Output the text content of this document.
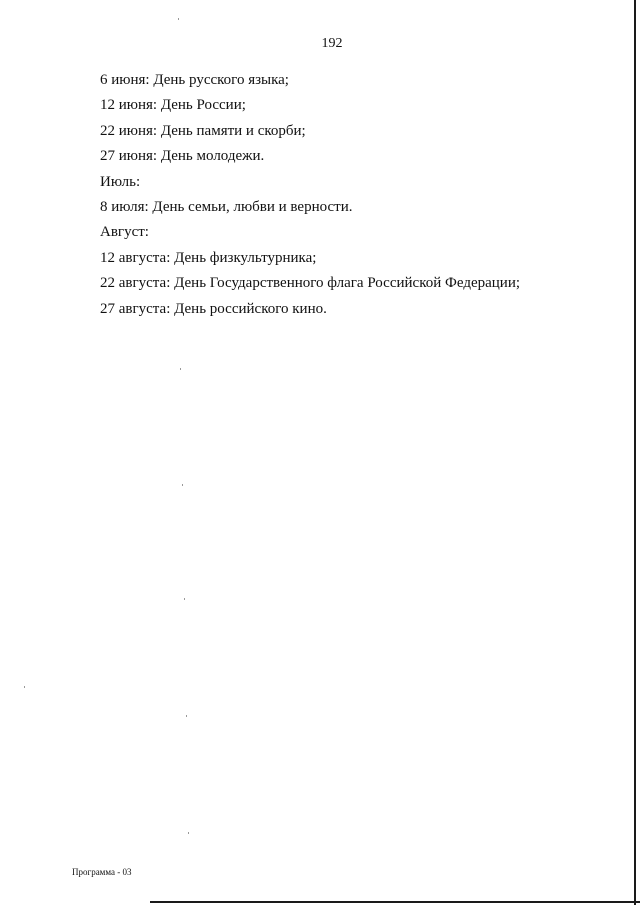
192
6 июня: День русского языка;
12 июня: День России;
22 июня: День памяти и скорби;
27 июня: День молодежи.
Июль:
8 июля: День семьи, любви и верности.
Август:
12 августа: День физкультурника;
22 августа: День Государственного флага Российской Федерации;
27 августа: День российского кино.
Программа - 03
